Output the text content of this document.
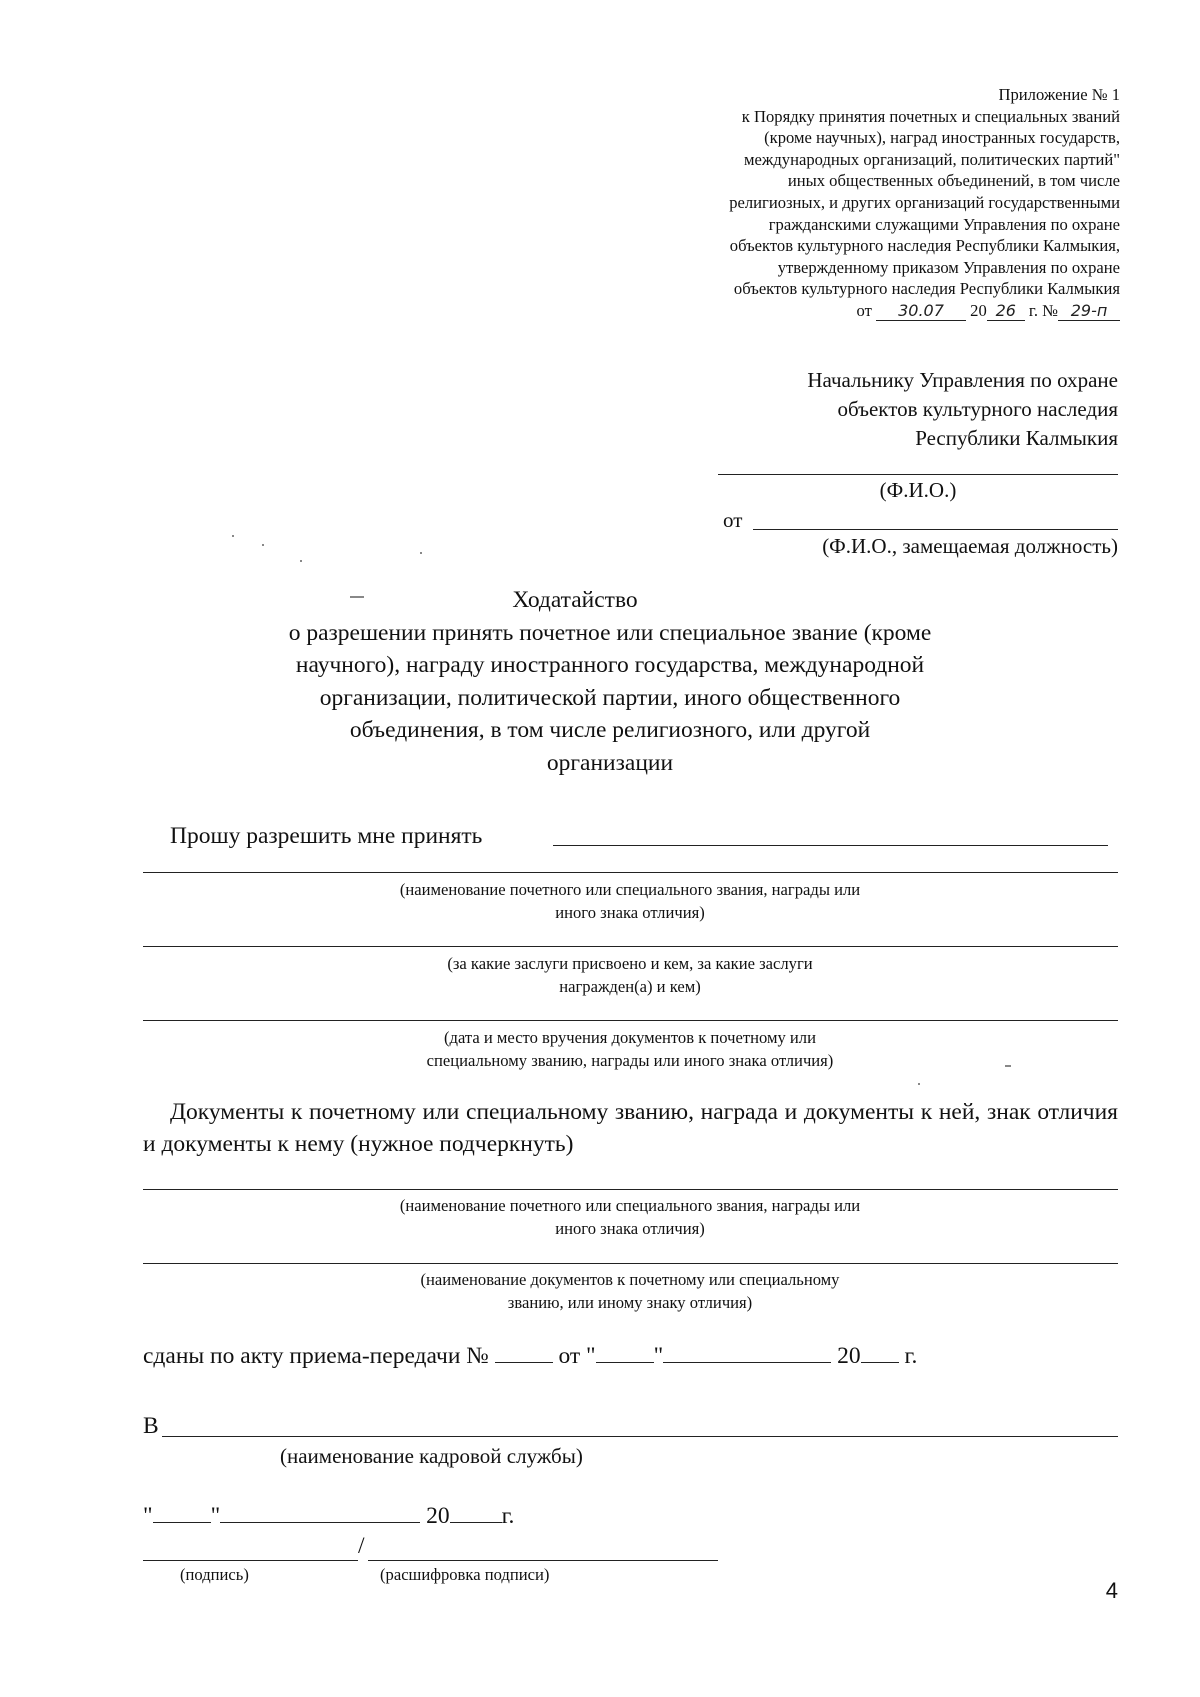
Приложение № 1
к Порядку принятия почетных и специальных званий
(кроме научных), наград иностранных государств,
международных организаций, политических партий"
иных общественных объединений, в том числе
религиозных, и других организаций государственными
гражданскими служащими Управления по охране
объектов культурного наследия Республики Калмыкия,
утвержденному приказом Управления по охране
объектов культурного наследия Республики Калмыкия
от 30.07 20 26 г. № 29-п
Начальнику Управления по охране
объектов культурного наследия
Республики Калмыкия
(Ф.И.О.)
от
(Ф.И.О., замещаемая должность)
Ходатайство
о разрешении принять почетное или специальное звание (кроме
научного), награду иностранного государства, международной
организации, политической партии, иного общественного
объединения, в том числе религиозного, или другой
организации
Прошу разрешить мне принять
(наименование почетного или специального звания, награды или
иного знака отличия)
(за какие заслуги присвоено и кем, за какие заслуги
награжден(а) и кем)
(дата и место вручения документов к почетному или
специальному званию, награды или иного знака отличия)
Документы к почетному или специальному званию, награда и документы к ней, знак отличия и документы к нему (нужное подчеркнуть)
(наименование почетного или специального звания, награды или
иного знака отличия)
(наименование документов к почетному или специальному
званию, или иному знаку отличия)
сданы по акту приема-передачи №	от " "	20 г.
В
(наименование кадровой службы)
" "	20 г.
/
(подпись)	(расшифровка подписи)
4
